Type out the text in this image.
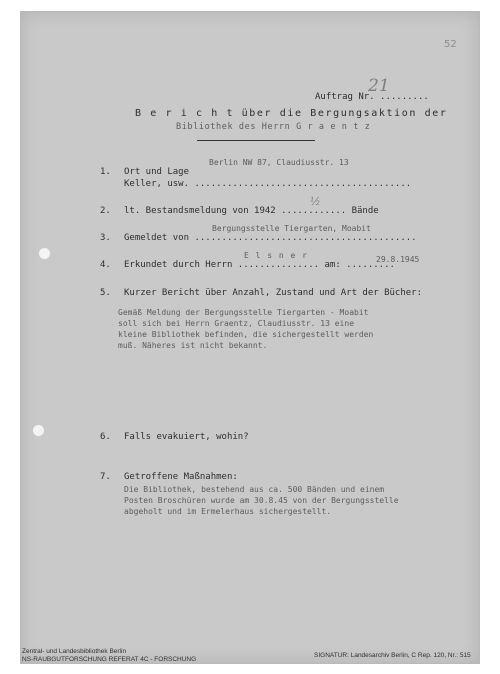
52
Auftrag Nr. .........
21
B e r i c h t über die Bergungsaktion der
Bibliothek des Herrn G r a e n t z
Berlin NW 87, Claudiusstr. 13
1.	Ort und Lage
Keller, usw. ........................................
½
2.	lt. Bestandsmeldung von 1942 ............ Bände
Bergungsstelle Tiergarten, Moabit
3.	Gemeldet von .........................................
E l s n e r	29.8.1945
4.	Erkundet durch Herrn ............... am: .........
5.	Kurzer Bericht über Anzahl, Zustand und Art der Bücher:
Gemäß Meldung der Bergungsstelle Tiergarten - Moabit
soll sich bei Herrn Graentz, Claudiusstr. 13 eine
kleine Bibliothek befinden, die sichergestellt werden
muß. Näheres ist nicht bekannt.
6.	Falls evakuiert, wohin?
7.	Getroffene Maßnahmen:
Die Bibliothek, bestehend aus ca. 500 Bänden und einem
Posten Broschüren wurde am 30.8.45 von der Bergungsstelle
abgeholt und im Ermelerhaus sichergestellt.
Zentral- und Landesbibliothek Berlin
NS-RAUBGUTFORSCHUNG REFERAT 4C - FORSCHUNG
SIGNATUR: Landesarchiv Berlin, C Rep. 120, Nr.: 515
